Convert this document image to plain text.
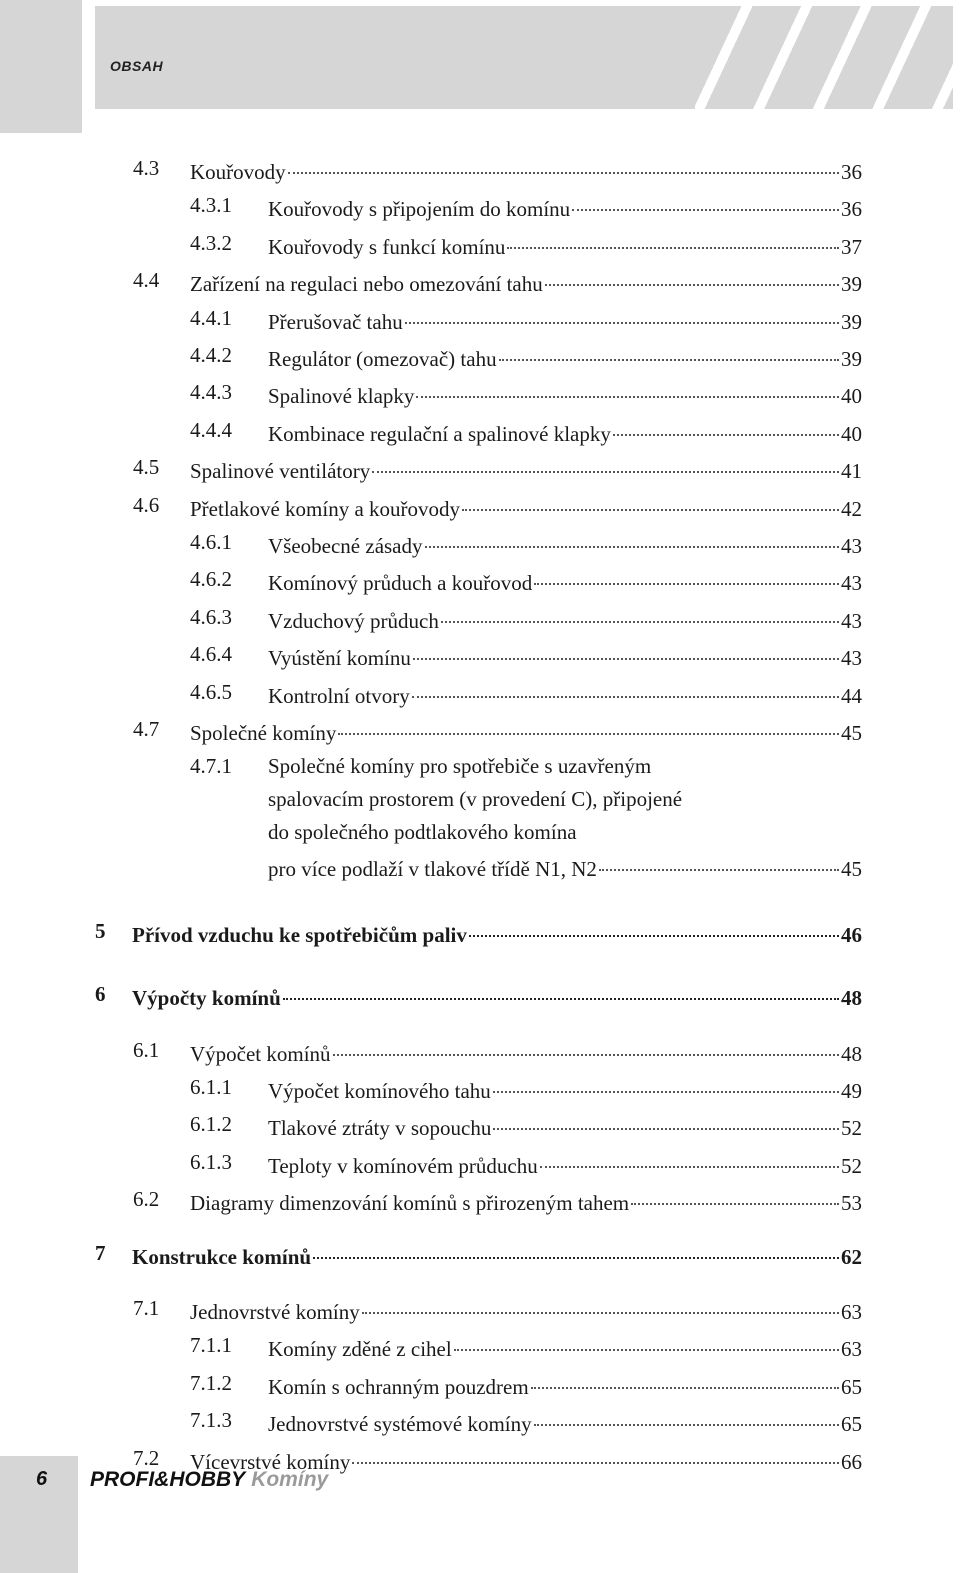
OBSAH
4.3 Kouřovody	36
4.3.1 Kouřovody s připojením do komínu	36
4.3.2 Kouřovody s funkcí komínu	37
4.4 Zařízení na regulaci nebo omezování tahu	39
4.4.1 Přerušovač tahu	39
4.4.2 Regulátor (omezovač) tahu	39
4.4.3 Spalinové klapky	40
4.4.4 Kombinace regulační a spalinové klapky	40
4.5 Spalinové ventilátory	41
4.6 Přetlakové komíny a kouřovody	42
4.6.1 Všeobecné zásady	43
4.6.2 Komínový průduch a kouřovod	43
4.6.3 Vzduchový průduch	43
4.6.4 Vyústění komínu	43
4.6.5 Kontrolní otvory	44
4.7 Společné komíny	45
4.7.1 Společné komíny pro spotřebiče s uzavřeným
spalovacím prostorem (v provedení C), připojené
do společného podtlakového komína
pro více podlaží v tlakové třídě N1, N2	45
5 Přívod vzduchu ke spotřebičům paliv	46
6 Výpočty komínů	48
6.1 Výpočet komínů	48
6.1.1 Výpočet komínového tahu	49
6.1.2 Tlakové ztráty v sopouchu	52
6.1.3 Teploty v komínovém průduchu	52
6.2 Diagramy dimenzování komínů s přirozeným tahem	53
7 Konstrukce komínů	62
7.1 Jednovrstvé komíny	63
7.1.1 Komíny zděné z cihel	63
7.1.2 Komín s ochranným pouzdrem	65
7.1.3 Jednovrstvé systémové komíny	65
7.2 Vícevrstvé komíny	66
6 PROFI&HOBBY Komíny
